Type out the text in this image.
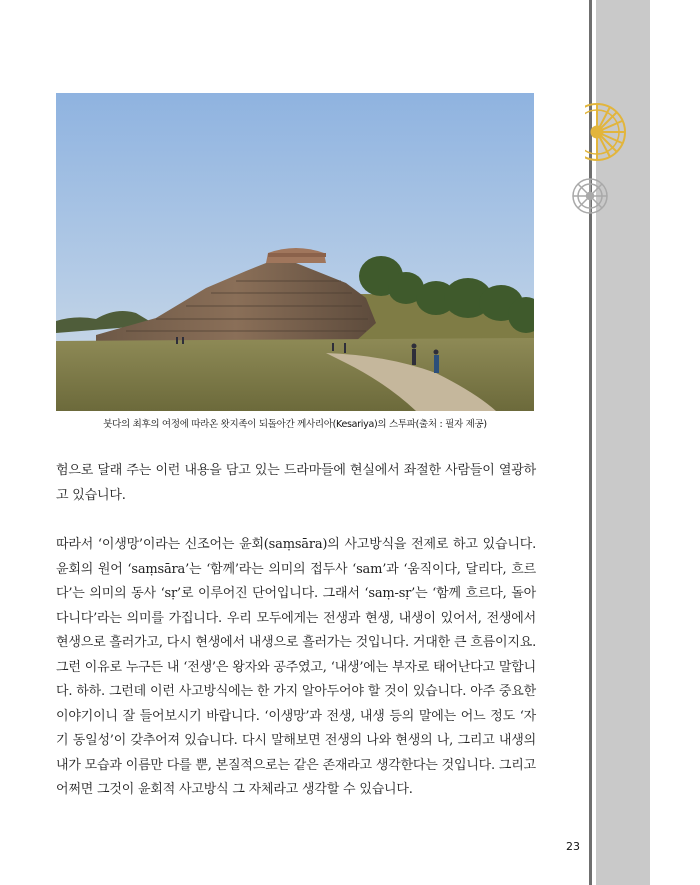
붓다의 최후의 여정에 따라온 왓지족이 되돌아간 께사리아(Kesariya)의 스투파(출처 : 필자 제공)

험으로 달래 주는 이런 내용을 담고 있는 드라마들에 현실에서 좌절한 사람들이 열광하고 있습니다.

따라서 ‘이생망’이라는 신조어는 윤회(saṃsāra)의 사고방식을 전제로 하고 있습니다. 윤회의 원어 ‘saṃsāra’는 ‘함께’라는 의미의 접두사 ‘sam’과 ‘움직이다, 달리다, 흐르다’는 의미의 동사 ‘sṛ’로 이루어진 단어입니다. 그래서 ‘saṃ-sṛ’는 ‘함께 흐르다, 돌아다니다’라는 의미를 가집니다. 우리 모두에게는 전생과 현생, 내생이 있어서, 전생에서 현생으로 흘러가고, 다시 현생에서 내생으로 흘러가는 것입니다. 거대한 큰 흐름이지요. 그런 이유로 누구든 내 ‘전생’은 왕자와 공주였고, ‘내생’에는 부자로 태어난다고 말합니다. 하하. 그런데 이런 사고방식에는 한 가지 알아두어야 할 것이 있습니다. 아주 중요한 이야기이니 잘 들어보시기 바랍니다. ‘이생망’과 전생, 내생 등의 말에는 어느 정도 ‘자기 동일성’이 갖추어져 있습니다. 다시 말해보면 전생의 나와 현생의 나, 그리고 내생의 내가 모습과 이름만 다를 뿐, 본질적으로는 같은 존재라고 생각한다는 것입니다. 그리고 어쩌면 그것이 윤회적 사고방식 그 자체라고 생각할 수 있습니다.

23
